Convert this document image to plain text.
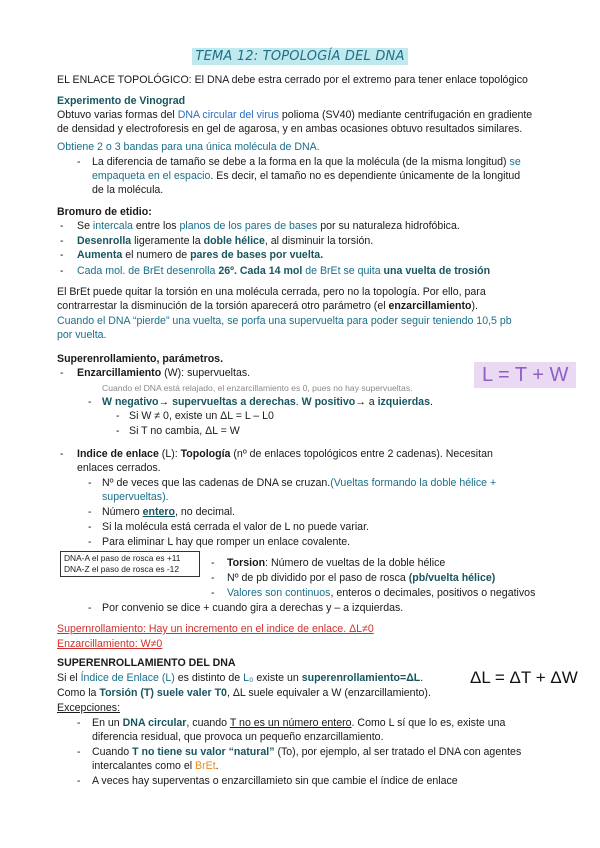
TEMA 12: TOPOLOGÍA DEL DNA
EL ENLACE TOPOLÓGICO: El DNA debe estra cerrado por el extremo para tener enlace topológico
Experimento de Vinograd
Obtuvo varias formas del DNA circular del virus polioma (SV40) mediante centrifugación en gradiente
de densidad y electroforesis en gel de agarosa, y en ambas ocasiones obtuvo resultados similares.
Obtiene 2 o 3 bandas para una única molécula de DNA.
-	La diferencia de tamaño se debe a la forma en la que la molécula (de la misma longitud) se
empaqueta en el espacio. Es decir, el tamaño no es dependiente únicamente de la longitud
de la molécula.
Bromuro de etidio:
-	Se intercala entre los planos de los pares de bases por su naturaleza hidrofóbica.
-	Desenrolla ligeramente la doble hélice, al disminuir la torsión.
-	Aumenta el numero de pares de bases por vuelta.
-	Cada mol. de BrEt desenrolla 26º. Cada 14 mol de BrEt se quita una vuelta de trosión
El BrEt puede quitar la torsión en una molécula cerrada, pero no la topología. Por ello, para
contrarrestar la disminución de la torsión aparecerá otro parámetro (el enzarcillamiento).
Cuando el DNA “pierde” una vuelta, se porfa una supervuelta para poder seguir teniendo 10,5 pb
por vuelta.
Superenrollamiento, parámetros.
L = T + W
-	Enzarcillamiento (W): supervueltas.
Cuando el DNA está relajado, el enzarcillamiento es 0, pues no hay supervueltas.
- W negativo→ supervueltas a derechas. W positivo→ a izquierdas.
- Si W ≠ 0, existe un ΔL = L – L0
- Si T no cambia, ΔL = W
-	Indice de enlace (L): Topología (nº de enlaces topológicos entre 2 cadenas). Necesitan
enlaces cerrados.
- Nº de veces que las cadenas de DNA se cruzan.(Vueltas formando la doble hélice +
supervueltas).
- Número entero, no decimal.
- Si la molécula está cerrada el valor de L no puede variar.
- Para eliminar L hay que romper un enlace covalente.
DNA-A el paso de rosca es +11
DNA-Z el paso de rosca es -12	-	Torsion: Número de vueltas de la doble hélice
-	Nº de pb dividido por el paso de rosca (pb/vuelta hélice)
-	Valores son continuos, enteros o decimales, positivos o negativos
- Por convenio se dice + cuando gira a derechas y – a izquierdas.
Supernrollamiento: Hay un incremento en el indice de enlace. ΔL≠0
Enzarcillamiento: W≠0
SUPERENROLLAMIENTO DEL DNA
ΔL = ΔT + ΔW
Si el Índice de Enlace (L) es distinto de L₀ existe un superenrollamiento=ΔL.
Como la Torsión (T) suele valer T0, ΔL suele equivaler a W (enzarcillamiento).
Excepciones:
-	En un DNA circular, cuando T no es un número entero. Como L sí que lo es, existe una
diferencia residual, que provoca un pequeño enzarcillamiento.
-	Cuando T no tiene su valor “natural” (To), por ejemplo, al ser tratado el DNA con agentes
intercalantes como el BrEt.
-	A veces hay superventas o enzarcillamieto sin que cambie el índice de enlace
